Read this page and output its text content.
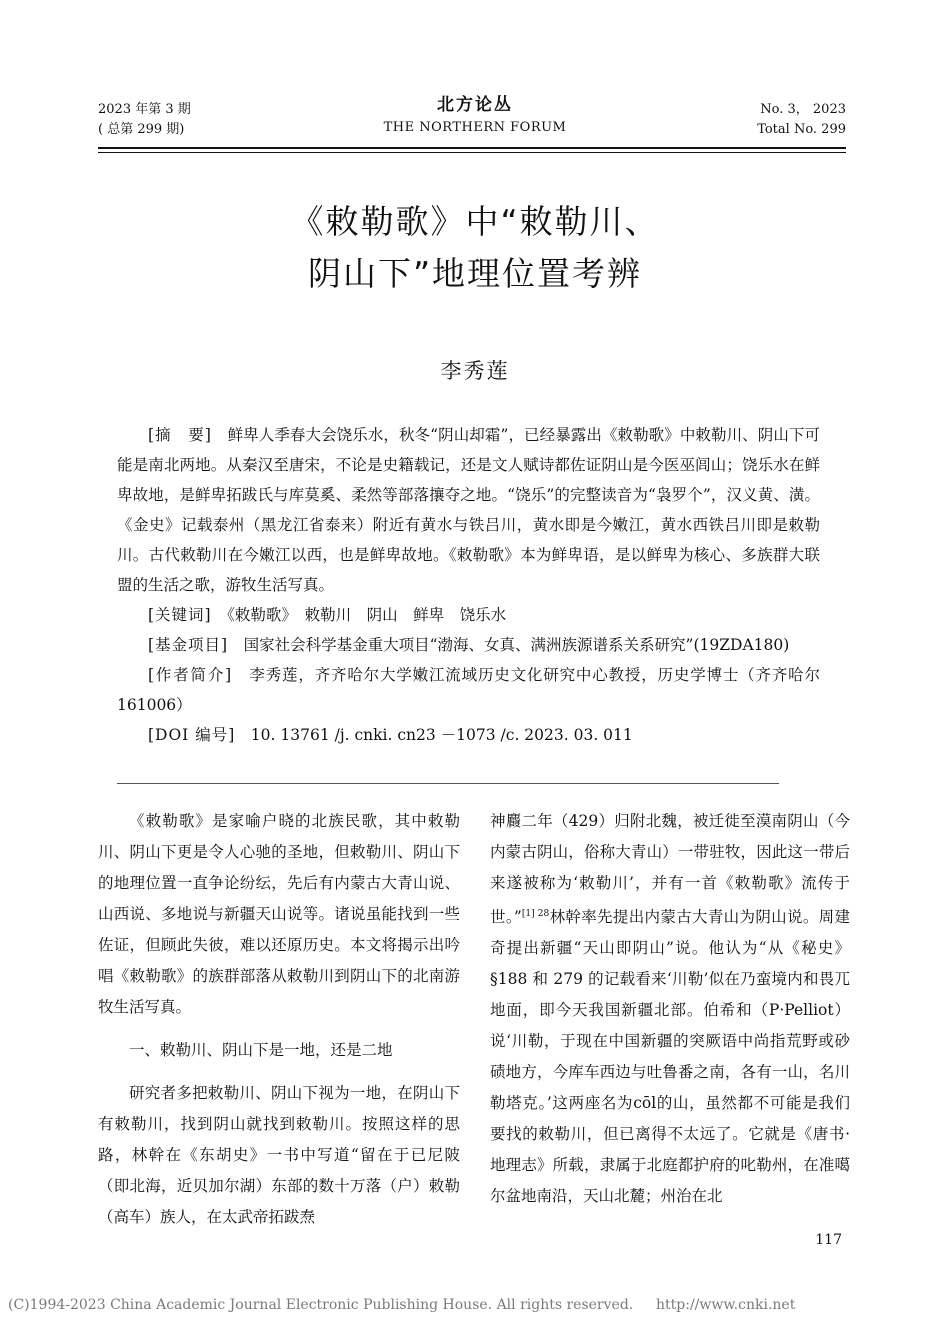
2023 年第 3 期
( 总第 299 期)
北方论丛
THE NORTHERN FORUM
No. 3， 2023
Total No. 299
《敕勒歌》中“敕勒川、
阴山下”地理位置考辨
李秀莲

[摘　要]　 鲜卑人季春大会饶乐水，秋冬“阴山却霜”，已经暴露出《敕勒歌》中敕勒川、阴山下可能是南北两地。从秦汉至唐宋，不论是史籍载记，还是文人赋诗都佐证阴山是今医巫闾山；饶乐水在鲜卑故地，是鲜卑拓跋氏与库莫奚、柔然等部落攘夺之地。“饶乐”的完整读音为“袅罗个”，汉义黄、潢。《金史》记载泰州（黑龙江省泰来）附近有黄水与铁吕川，黄水即是今嫩江，黄水西铁吕川即是敕勒川。古代敕勒川在今嫩江以西，也是鲜卑故地。《敕勒歌》本为鲜卑语，是以鲜卑为核心、多族群大联盟的生活之歌，游牧生活写真。

[关键词]　 《敕勒歌》　敕勒川　阴山　鲜卑　饶乐水

[基金项目]　 国家社会科学基金重大项目“渤海、女真、满洲族源谱系关系研究”(19ZDA180)

[作者简介]　 李秀莲，齐齐哈尔大学嫩江流域历史文化研究中心教授，历史学博士（齐齐哈尔　161006）

[DOI 编号]　 10. 13761 /j. cnki. cn23 －1073 /c. 2023. 03. 011

《敕勒歌》是家喻户晓的北族民歌，其中敕勒川、阴山下更是令人心驰的圣地，但敕勒川、阴山下的地理位置一直争论纷纭，先后有内蒙古大青山说、山西说、多地说与新疆天山说等。诸说虽能找到一些佐证，但顾此失彼，难以还原历史。本文将揭示出吟唱《敕勒歌》的族群部落从敕勒川到阴山下的北南游牧生活写真。

一、敕勒川、阴山下是一地，还是二地

研究者多把敕勒川、阴山下视为一地，在阴山下有敕勒川，找到阴山就找到敕勒川。按照这样的思路，林幹在《东胡史》一书中写道“留在于已尼陂（即北海，近贝加尔湖）东部的数十万落（户）敕勒（高车）族人，在太武帝拓跋焘

神麚二年（429）归附北魏，被迁徙至漠南阴山（今内蒙古阴山，俗称大青山）一带驻牧，因此这一带后来遂被称为‘敕勒川’，并有一首《敕勒歌》流传于世。”$^{[1] 28}$林幹率先提出内蒙古大青山为阴山说。周建奇提出新疆“天山即阴山”说。他认为“从《秘史》§188 和 279 的记载看来‘川勒’似在乃蛮境内和畏兀地面，即今天我国新疆北部。伯希和（P·Pelliot）说‘川勒，于现在中国新疆的突厥语中尚指荒野或砂碛地方，今库车西边与吐鲁番之南，各有一山，名川勒塔克。’这两座名为cōl的山，虽然都不可能是我们要找的敕勒川，但已离得不太远了。它就是《唐书·地理志》所载，隶属于北庭都护府的叱勒州，在准噶尔盆地南沿，天山北麓；州治在北

117
(C)1994-2023 China Academic Journal Electronic Publishing House. All rights reserved. http://www.cnki.net
